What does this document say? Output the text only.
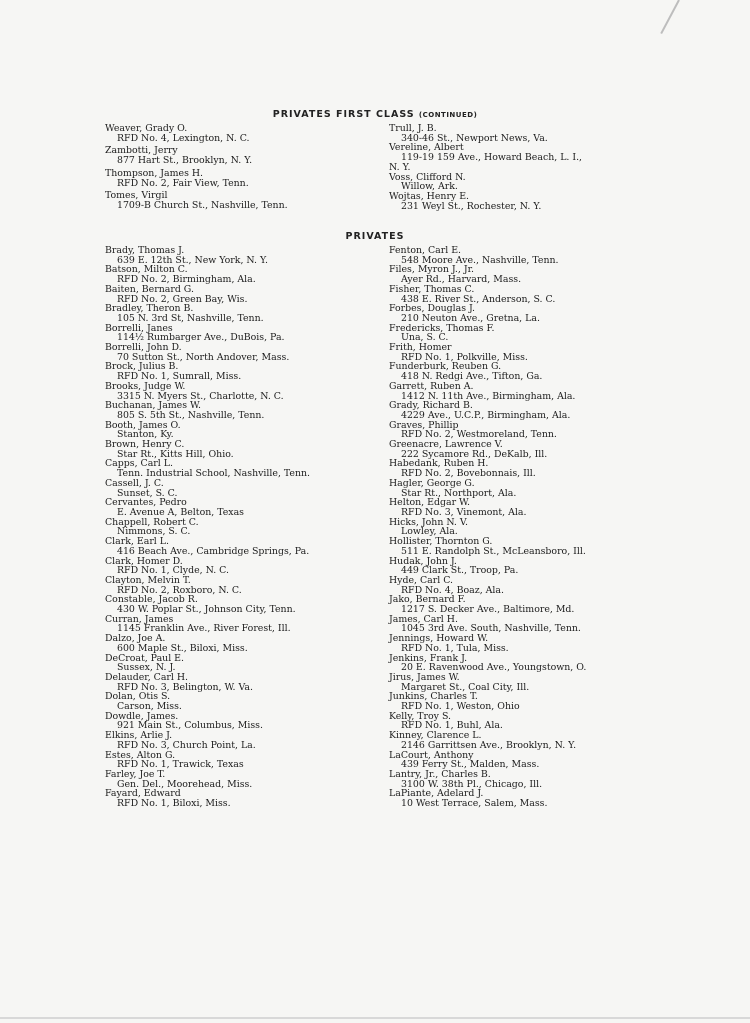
PRIVATES FIRST CLASS (CONTINUED)
Weaver, Grady O.
RFD No. 4, Lexington, N. C.
Zambotti, Jerry
877 Hart St., Brooklyn, N. Y.
Thompson, James H.
RFD No. 2, Fair View, Tenn.
Tomes, Virgil
1709-B Church St., Nashville, Tenn.
Trull, J. B.
340-46 St., Newport News, Va.
Vereline, Albert
119-19 159 Ave., Howard Beach, L. I.,
N. Y.
Voss, Clifford N.
Willow, Ark.
Wojtas, Henry E.
231 Weyl St., Rochester, N. Y.
PRIVATES
Brady, Thomas J.
639 E. 12th St., New York, N. Y.
Batson, Milton C.
RFD No. 2, Birmingham, Ala.
Baiten, Bernard G.
RFD No. 2, Green Bay, Wis.
Bradley, Theron B.
105 N. 3rd St, Nashville, Tenn.
Borrelli, Janes
114½ Rumbarger Ave., DuBois, Pa.
Borrelli, John D.
70 Sutton St., North Andover, Mass.
Brock, Julius B.
RFD No. 1, Sumrall, Miss.
Brooks, Judge W.
3315 N. Myers St., Charlotte, N. C.
Buchanan, James W.
805 S. 5th St., Nashville, Tenn.
Booth, James O.
Stanton, Ky.
Brown, Henry C.
Star Rt., Kitts Hill, Ohio.
Capps, Carl L.
Tenn. Industrial School, Nashville, Tenn.
Cassell, J. C.
Sunset, S. C.
Cervantes, Pedro
E. Avenue A, Belton, Texas
Chappell, Robert C.
Nimmons, S. C.
Clark, Earl L.
416 Beach Ave., Cambridge Springs, Pa.
Clark, Homer D.
RFD No. 1, Clyde, N. C.
Clayton, Melvin T.
RFD No. 2, Roxboro, N. C.
Constable, Jacob R.
430 W. Poplar St., Johnson City, Tenn.
Curran, James
1145 Franklin Ave., River Forest, Ill.
Dalzo, Joe A.
600 Maple St., Biloxi, Miss.
DeCroat, Paul E.
Sussex, N. J.
Delauder, Carl H.
RFD No. 3, Belington, W. Va.
Dolan, Otis S.
Carson, Miss.
Dowdle, James.
921 Main St., Columbus, Miss.
Elkins, Arlie J.
RFD No. 3, Church Point, La.
Estes, Alton G.
RFD No. 1, Trawick, Texas
Farley, Joe T.
Gen. Del., Moorehead, Miss.
Fayard, Edward
RFD No. 1, Biloxi, Miss.
Fenton, Carl E.
548 Moore Ave., Nashville, Tenn.
Files, Myron J., Jr.
Ayer Rd., Harvard, Mass.
Fisher, Thomas C.
438 E. River St., Anderson, S. C.
Forbes, Douglas J.
210 Neuton Ave., Gretna, La.
Fredericks, Thomas F.
Una, S. C.
Frith, Homer
RFD No. 1, Polkville, Miss.
Funderburk, Reuben G.
418 N. Redgi Ave., Tifton, Ga.
Garrett, Ruben A.
1412 N. 11th Ave., Birmingham, Ala.
Grady, Richard B.
4229 Ave., U.C.P., Birmingham, Ala.
Graves, Phillip
RFD No. 2, Westmoreland, Tenn.
Greenacre, Lawrence V.
222 Sycamore Rd., DeKalb, Ill.
Habedank, Ruben H.
RFD No. 2, Bovebonnais, Ill.
Hagler, George G.
Star Rt., Northport, Ala.
Helton, Edgar W.
RFD No. 3, Vinemont, Ala.
Hicks, John N. V.
Lowley, Ala.
Hollister, Thornton G.
511 E. Randolph St., McLeansboro, Ill.
Hudak, John J.
449 Clark St., Troop, Pa.
Hyde, Carl C.
RFD No. 4, Boaz, Ala.
Jako, Bernard F.
1217 S. Decker Ave., Baltimore, Md.
James, Carl H.
1045 3rd Ave. South, Nashville, Tenn.
Jennings, Howard W.
RFD No. 1, Tula, Miss.
Jenkins, Frank J.
20 E. Ravenwood Ave., Youngstown, O.
Jirus, James W.
Margaret St., Coal City, Ill.
Junkins, Charles T.
RFD No. 1, Weston, Ohio
Kelly, Troy S.
RFD No. 1, Buhl, Ala.
Kinney, Clarence L.
2146 Garrittsen Ave., Brooklyn, N. Y.
LaCourt, Anthony
439 Ferry St., Malden, Mass.
Lantry, Jr., Charles B.
3100 W. 38th Pl., Chicago, Ill.
LaPiante, Adelard J.
10 West Terrace, Salem, Mass.
